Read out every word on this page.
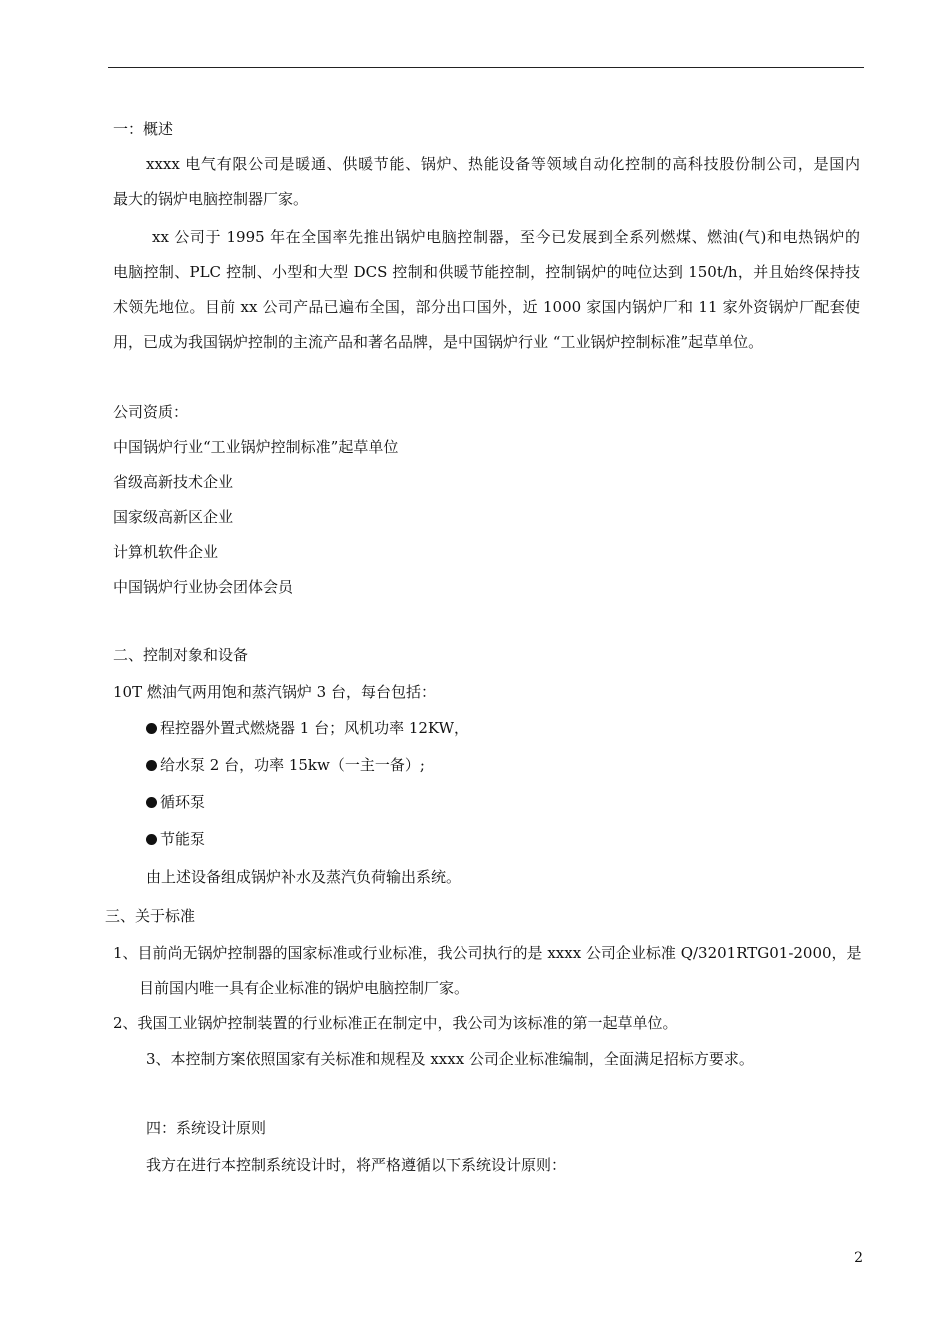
一：概述
xxxx 电气有限公司是暖通、供暖节能、锅炉、热能设备等领域自动化控制的高科技股份制公司，是国内
最大的锅炉电脑控制器厂家。
xx 公司于 1995 年在全国率先推出锅炉电脑控制器，至今已发展到全系列燃煤、燃油(气)和电热锅炉的
电脑控制、PLC 控制、小型和大型 DCS 控制和供暖节能控制，控制锅炉的吨位达到 150t/h，并且始终保持技
术领先地位。目前 xx 公司产品已遍布全国，部分出口国外，近 1000 家国内锅炉厂和 11 家外资锅炉厂配套使
用，已成为我国锅炉控制的主流产品和著名品牌，是中国锅炉行业 “工业锅炉控制标准”起草单位。
公司资质：
中国锅炉行业“工业锅炉控制标准”起草单位
省级高新技术企业
国家级高新区企业
计算机软件企业
中国锅炉行业协会团体会员
二、控制对象和设备
10T 燃油气两用饱和蒸汽锅炉 3 台，每台包括：
程控器外置式燃烧器 1 台；风机功率 12KW，
给水泵 2 台，功率 15kw（一主一备）;
循环泵
节能泵
由上述设备组成锅炉补水及蒸汽负荷输出系统。
三、关于标准
1、目前尚无锅炉控制器的国家标准或行业标准，我公司执行的是 xxxx 公司企业标准 Q/3201RTG01-2000，是
目前国内唯一具有企业标准的锅炉电脑控制厂家。
2、我国工业锅炉控制装置的行业标准正在制定中，我公司为该标准的第一起草单位。
3、本控制方案依照国家有关标准和规程及 xxxx 公司企业标准编制，全面满足招标方要求。
四：系统设计原则
我方在进行本控制系统设计时，将严格遵循以下系统设计原则：
2
